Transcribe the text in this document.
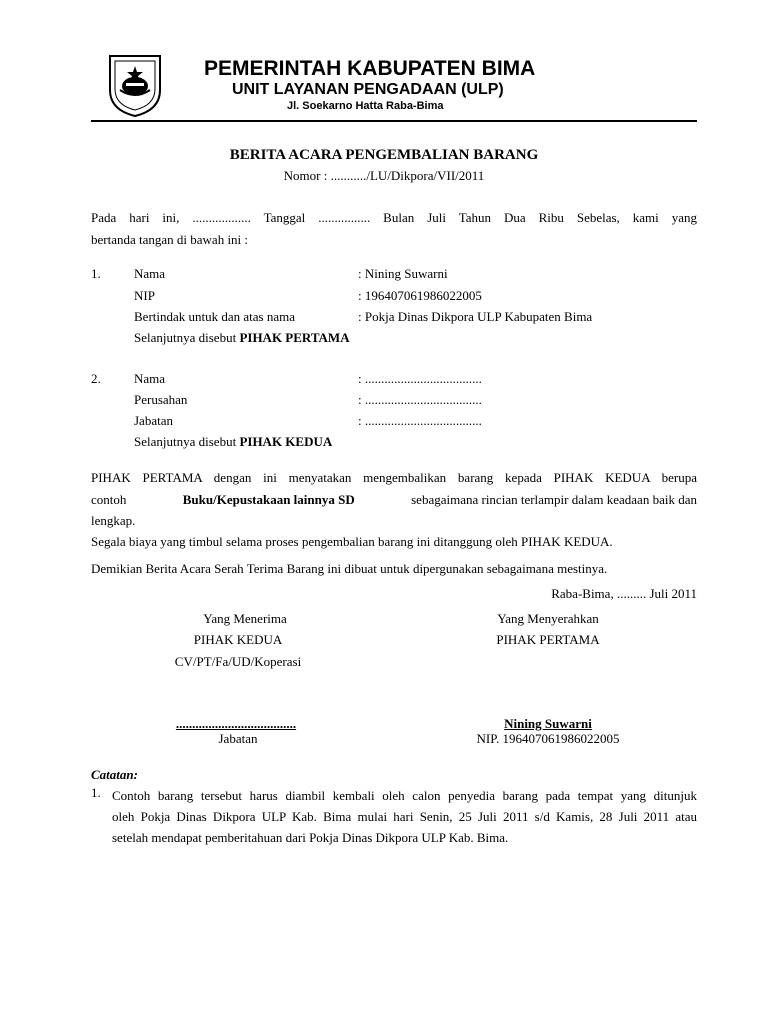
PEMERINTAH KABUPATEN BIMA
UNIT LAYANAN PENGADAAN (ULP)
Jl. Soekarno Hatta Raba-Bima
BERITA ACARA PENGEMBALIAN BARANG
Nomor : .........../LU/Dikpora/VII/2011
Pada hari ini, .................. Tanggal ................ Bulan Juli Tahun Dua Ribu Sebelas, kami yang
bertanda tangan di bawah ini :
1.	Nama	: Nining Suwarni
NIP	: 196407061986022005
Bertindak untuk dan atas nama	: Pokja Dinas Dikpora ULP Kabupaten Bima
Selanjutnya disebut PIHAK PERTAMA
2.	Nama	: ....................................
Perusahan	: ....................................
Jabatan	: ....................................
Selanjutnya disebut PIHAK KEDUA
PIHAK PERTAMA dengan ini menyatakan mengembalikan barang kepada PIHAK KEDUA berupa
contoh	Buku/Kepustakaan lainnya SD	sebagaimana rincian terlampir dalam keadaan baik dan
lengkap.
Segala biaya yang timbul selama proses pengembalian barang ini ditanggung oleh PIHAK KEDUA.
Demikian Berita Acara Serah Terima Barang ini dibuat untuk dipergunakan sebagaimana mestinya.
Raba-Bima, ......... Juli 2011
Yang Menerima
PIHAK KEDUA
CV/PT/Fa/UD/Koperasi
.....................................
Jabatan
Yang Menyerahkan
PIHAK PERTAMA
Nining Suwarni
NIP. 196407061986022005
Catatan:
1. Contoh barang tersebut harus diambil kembali oleh calon penyedia barang pada tempat yang ditunjuk
oleh Pokja Dinas Dikpora ULP Kab. Bima mulai hari Senin, 25 Juli 2011 s/d Kamis, 28 Juli 2011 atau
setelah mendapat pemberitahuan dari Pokja Dinas Dikpora ULP Kab. Bima.
